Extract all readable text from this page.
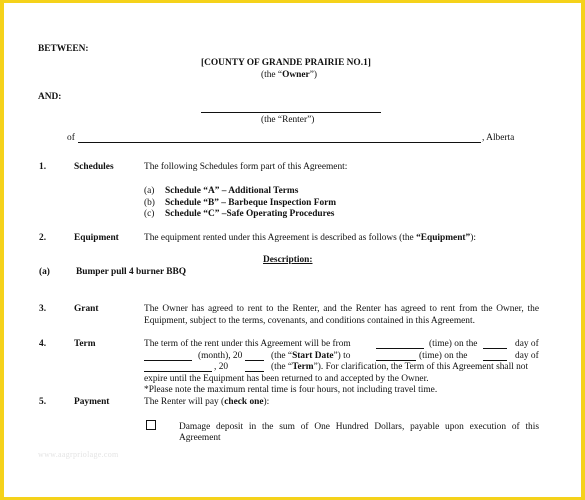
BETWEEN:
[COUNTY OF GRANDE PRAIRIE NO.1]
(the “Owner”)
AND:
(the “Renter”)
of	, Alberta
1.	Schedules	The following Schedules form part of this Agreement:
(a) Schedule “A” – Additional Terms
(b) Schedule “B” – Barbeque Inspection Form
(c) Schedule “C” –Safe Operating Procedures
2.	Equipment	The equipment rented under this Agreement is described as follows (the “Equipment”):
Description:
(a)	Bumper pull 4 burner BBQ
3.	Grant	The Owner has agreed to rent to the Renter, and the Renter has agreed to rent from the Owner, the
Equipment, subject to the terms, covenants, and conditions contained in this Agreement.
4.	Term	The term of the rent under this Agreement will be from	(time) on the	day of
(month), 20	(the “Start Date”) to	(time) on the	day of
, 20	(the “Term”). For clarification, the Term of this Agreement shall not
expire until the Equipment has been returned to and accepted by the Owner.
*Please note the maximum rental time is four hours, not including travel time.
5.	Payment	The Renter will pay (check one):
Damage deposit in the sum of One Hundred Dollars, payable upon execution of this
Agreement
www.aagrpriolage.com
